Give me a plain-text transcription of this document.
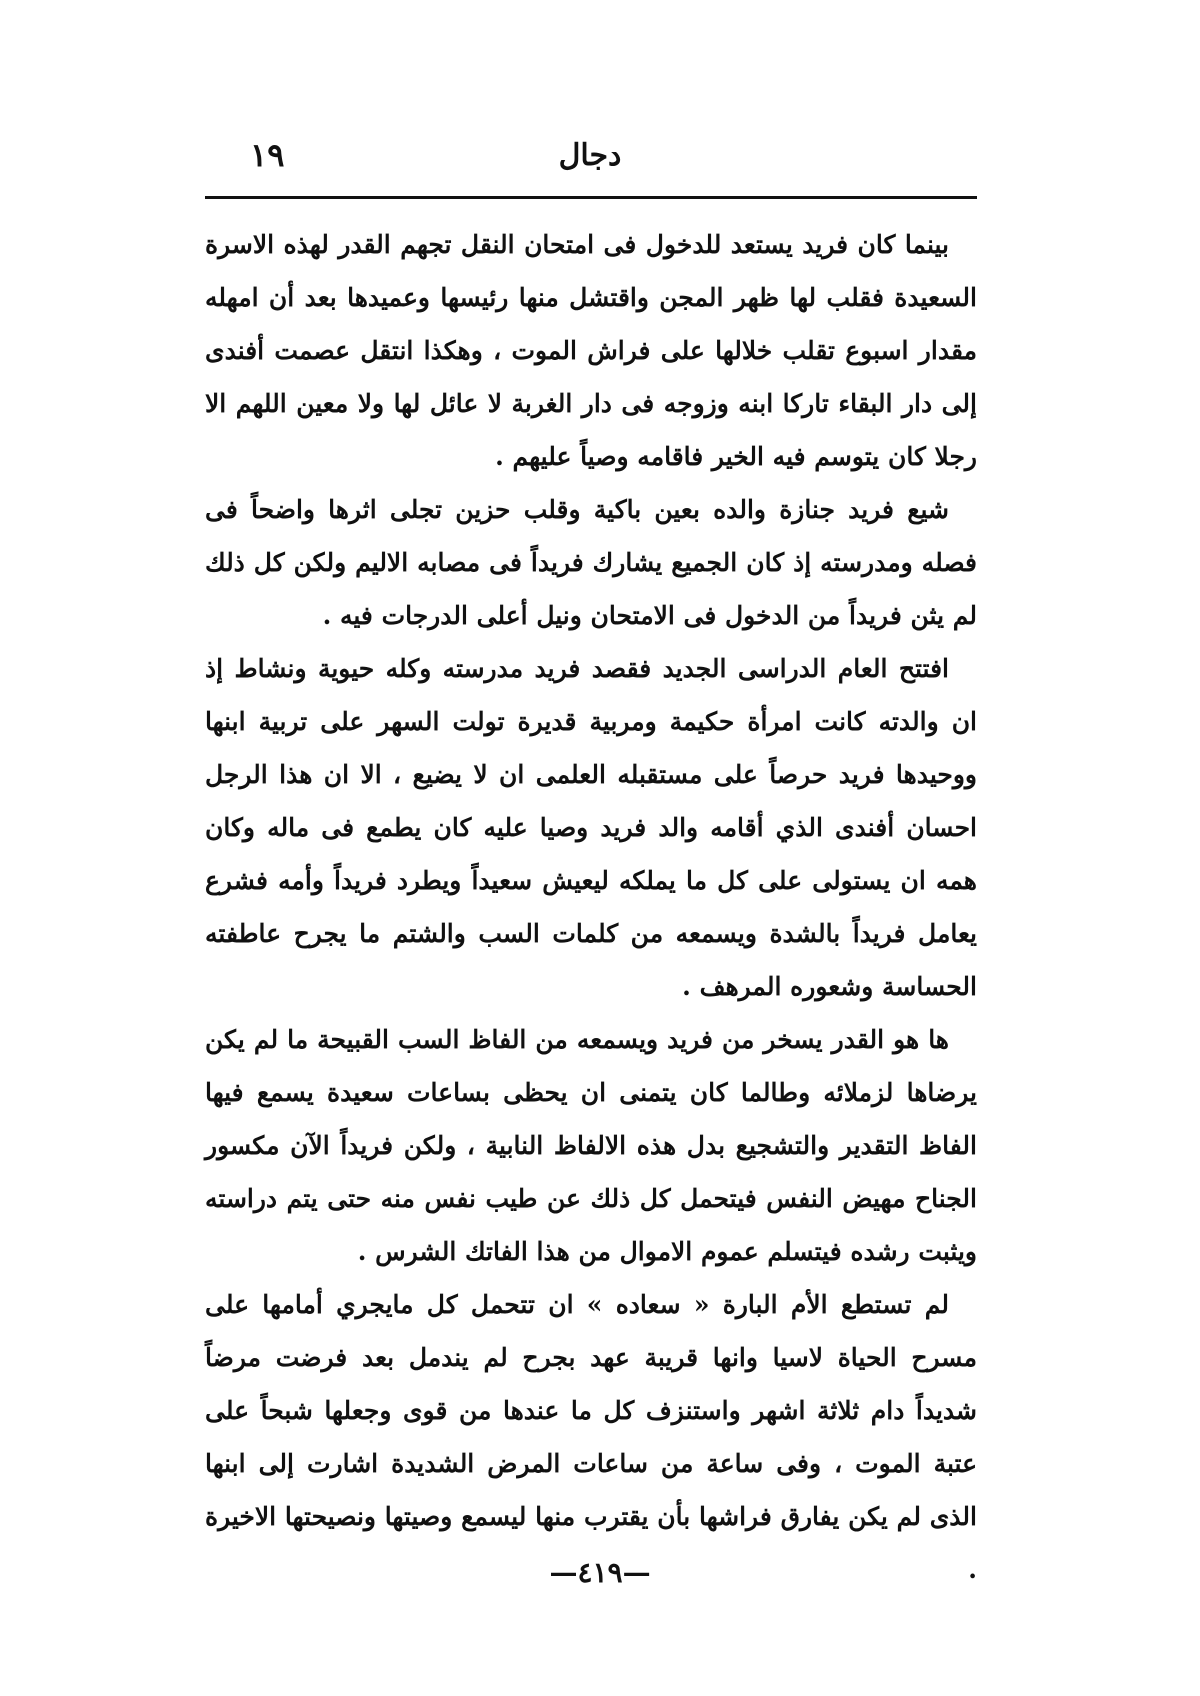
دجال
١٩

بينما كان فريد يستعد للدخول فى امتحان النقل تجهم القدر لهذه الاسرة السعيدة فقلب لها ظهر المجن واقتشل منها رئيسها وعميدها بعد أن امهله مقدار اسبوع تقلب خلالها على فراش الموت ، وهكذا انتقل عصمت أفندى إلى دار البقاء تاركا ابنه وزوجه فى دار الغربة لا عائل لها ولا معين اللهم الا رجلا كان يتوسم فيه الخير فاقامه وصياً عليهم .

شيع فريد جنازة والده بعين باكية وقلب حزين تجلى اثرها واضحاً فى فصله ومدرسته إذ كان الجميع يشارك فريداً فى مصابه الاليم ولكن كل ذلك لم يثن فريداً من الدخول فى الامتحان ونيل أعلى الدرجات فيه .

افتتح العام الدراسى الجديد فقصد فريد مدرسته وكله حيوية ونشاط إذ ان والدته كانت امرأة حكيمة ومربية قديرة تولت السهر على تربية ابنها ووحيدها فريد حرصاً على مستقبله العلمى ان لا يضيع ، الا ان هذا الرجل احسان أفندى الذي أقامه والد فريد وصيا عليه كان يطمع فى ماله وكان همه ان يستولى على كل ما يملكه ليعيش سعيداً ويطرد فريداً وأمه فشرع يعامل فريداً بالشدة ويسمعه من كلمات السب والشتم ما يجرح عاطفته الحساسة وشعوره المرهف .

ها هو القدر يسخر من فريد ويسمعه من الفاظ السب القبيحة ما لم يكن يرضاها لزملائه وطالما كان يتمنى ان يحظى بساعات سعيدة يسمع فيها الفاظ التقدير والتشجيع بدل هذه الالفاظ النابية ، ولكن فريداً الآن مكسور الجناح مهيض النفس فيتحمل كل ذلك عن طيب نفس منه حتى يتم دراسته ويثبت رشده فيتسلم عموم الاموال من هذا الفاتك الشرس .

لم تستطع الأم البارة « سعاده » ان تتحمل كل مايجري أمامها على مسرح الحياة لاسيا وانها قريبة عهد بجرح لم يندمل بعد فرضت مرضاً شديداً دام ثلاثة اشهر واستنزف كل ما عندها من قوى وجعلها شبحاً على عتبة الموت ، وفى ساعة من ساعات المرض الشديدة اشارت إلى ابنها الذى لم يكن يفارق فراشها بأن يقترب منها ليسمع وصيتها ونصيحتها الاخيرة .

—٤١٩—
